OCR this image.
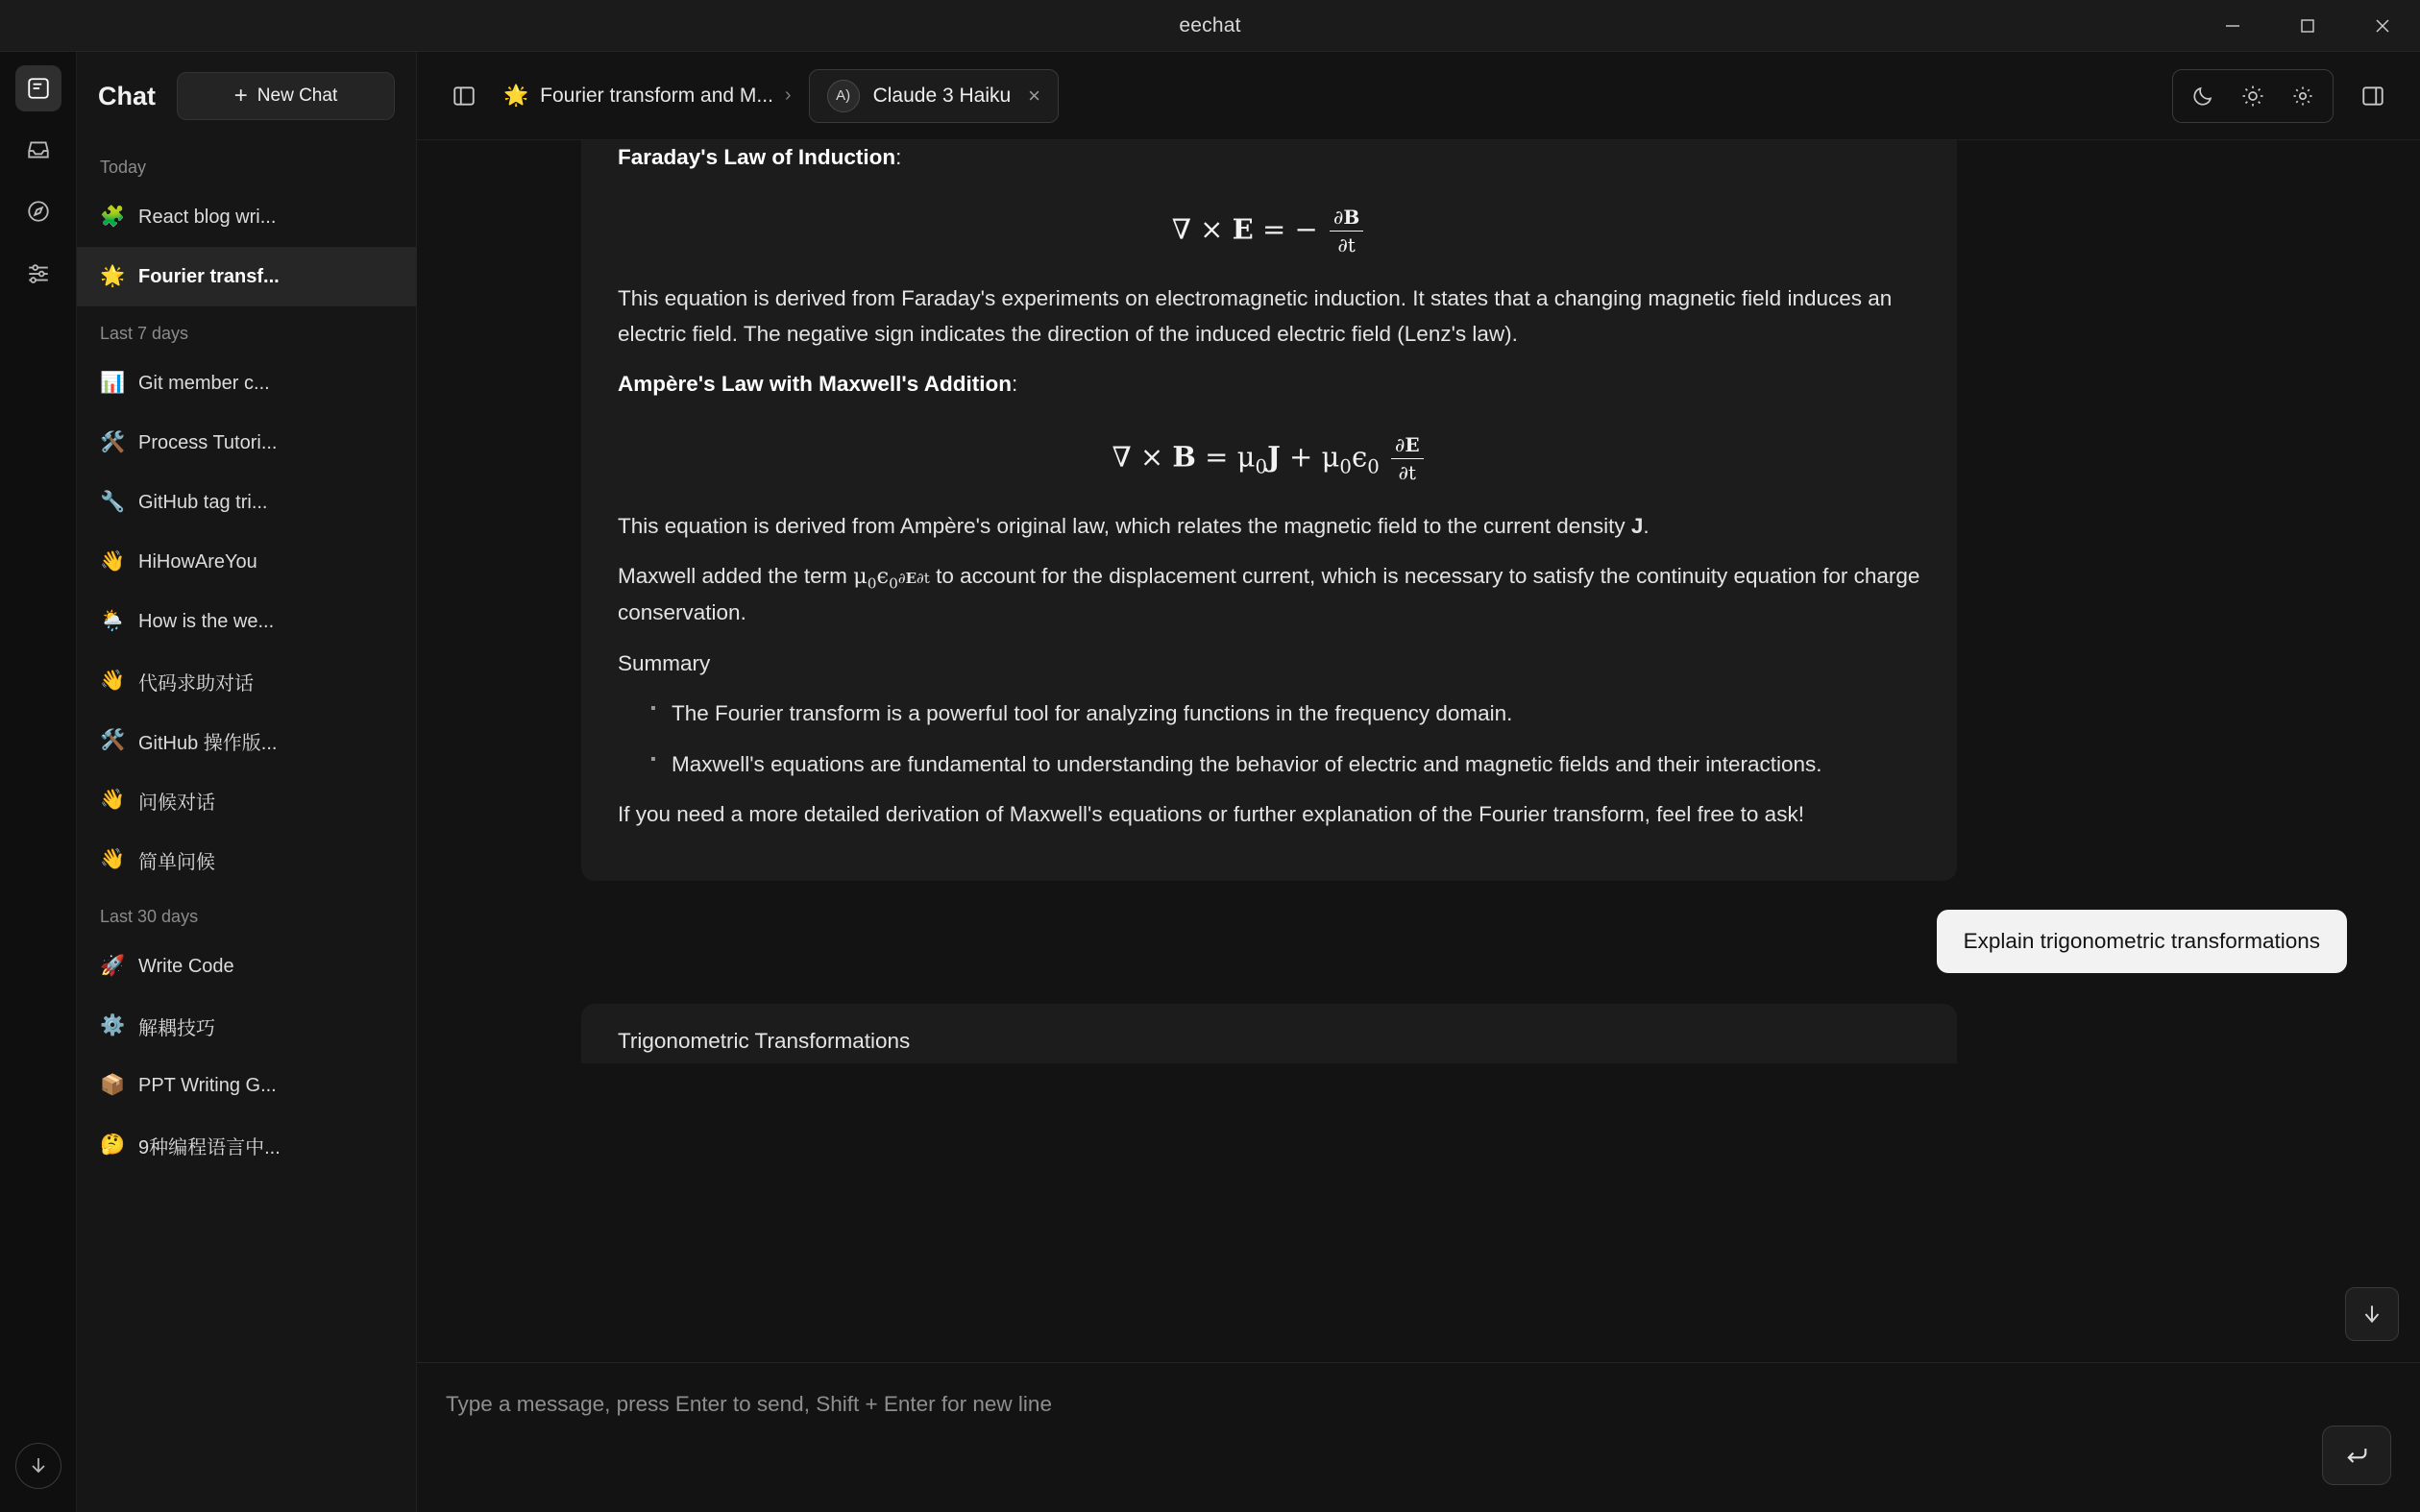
eechat
Chat	+ New Chat
Today
🧩 React blog wri...
🌟 Fourier transf...
Last 7 days
📊 Git member c...
🛠️ Process Tutori...
🔧 GitHub tag tri...
👋 HiHowAreYou
🌦️ How is the we...
👋 代码求助对话
🛠️ GitHub 操作版...
👋 问候对话
👋 简单问候
Last 30 days
🚀 Write Code
⚙️ 解耦技巧
📦 PPT Writing G...
🤔 9种编程语言中...
🌟 Fourier transform and M... ›	A)	Claude 3 Haiku ×

Faraday's Law of Induction:

∇ × E = − $\frac{\partial B}{\partial t}$

This equation is derived from Faraday's experiments on electromagnetic induction. It states that a changing magnetic field induces an electric field. The negative sign indicates the direction of the induced electric field (Lenz's law).

Ampère's Law with Maxwell's Addition:

∇ × $B = \mu_0J + \mu_0\epsilon_0 \frac{\partial E}{\partial t}$

This equation is derived from Ampère's original law, which relates the magnetic field to the current density J.

Maxwell added the term $\mu_0\epsilon_0\partial E\partial t$ to account for the displacement current, which is necessary to satisfy the continuity equation for charge conservation.

Summary

▪ The Fourier transform is a powerful tool for analyzing functions in the frequency domain.
▪ Maxwell's equations are fundamental to understanding the behavior of electric and magnetic fields and their interactions.

If you need a more detailed derivation of Maxwell's equations or further explanation of the Fourier transform, feel free to ask!

Explain trigonometric transformations
Trigonometric Transformations
Type a message, press Enter to send, Shift + Enter for new line
